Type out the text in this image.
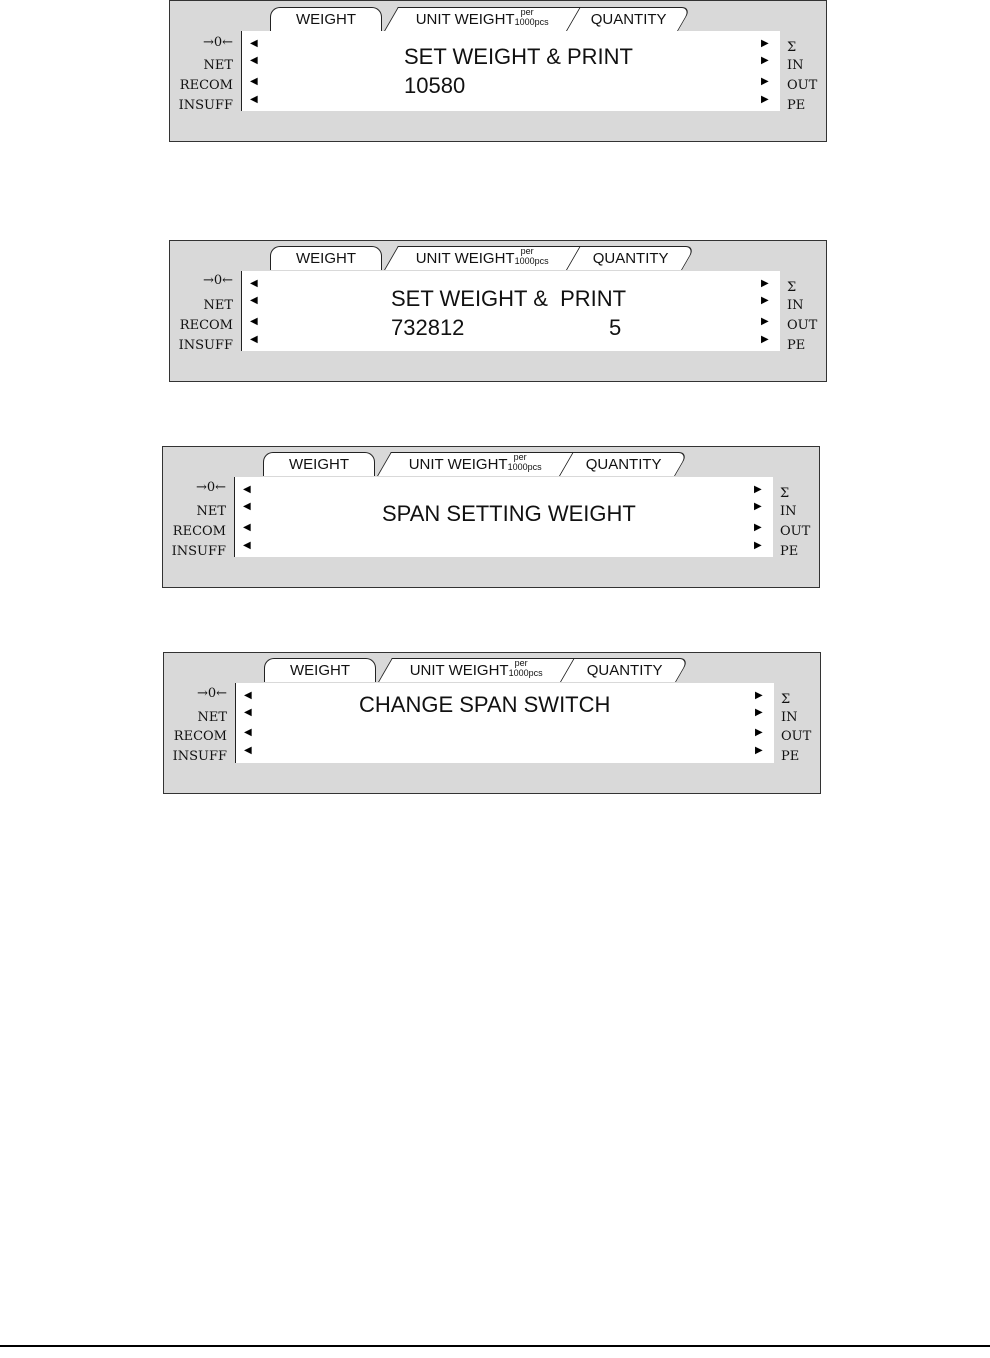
WEIGHT	UNIT WEIGHT per
1000pcs	QUANTITY
→0←
NET
RECOM
INSUFF
Σ
IN
OUT
PE
◀
◀
◀
◀
▶
▶
▶
▶
SET WEIGHT & PRINT
10580
WEIGHT	UNIT WEIGHT per
1000pcs	QUANTITY
→0←
NET
RECOM
INSUFF
Σ
IN
OUT
PE
◀
◀
◀
◀
▶
▶
▶
▶
SET WEIGHT &  PRINT
732812	5
WEIGHT	UNIT WEIGHT per
1000pcs	QUANTITY
→0←
NET
RECOM
INSUFF
Σ
IN
OUT
PE
◀
◀
◀
◀
▶
▶
▶
▶
SPAN SETTING WEIGHT
WEIGHT	UNIT WEIGHT per
1000pcs	QUANTITY
→0←
NET
RECOM
INSUFF
Σ
IN
OUT
PE
◀
◀
◀
◀
▶
▶
▶
▶
CHANGE SPAN SWITCH
